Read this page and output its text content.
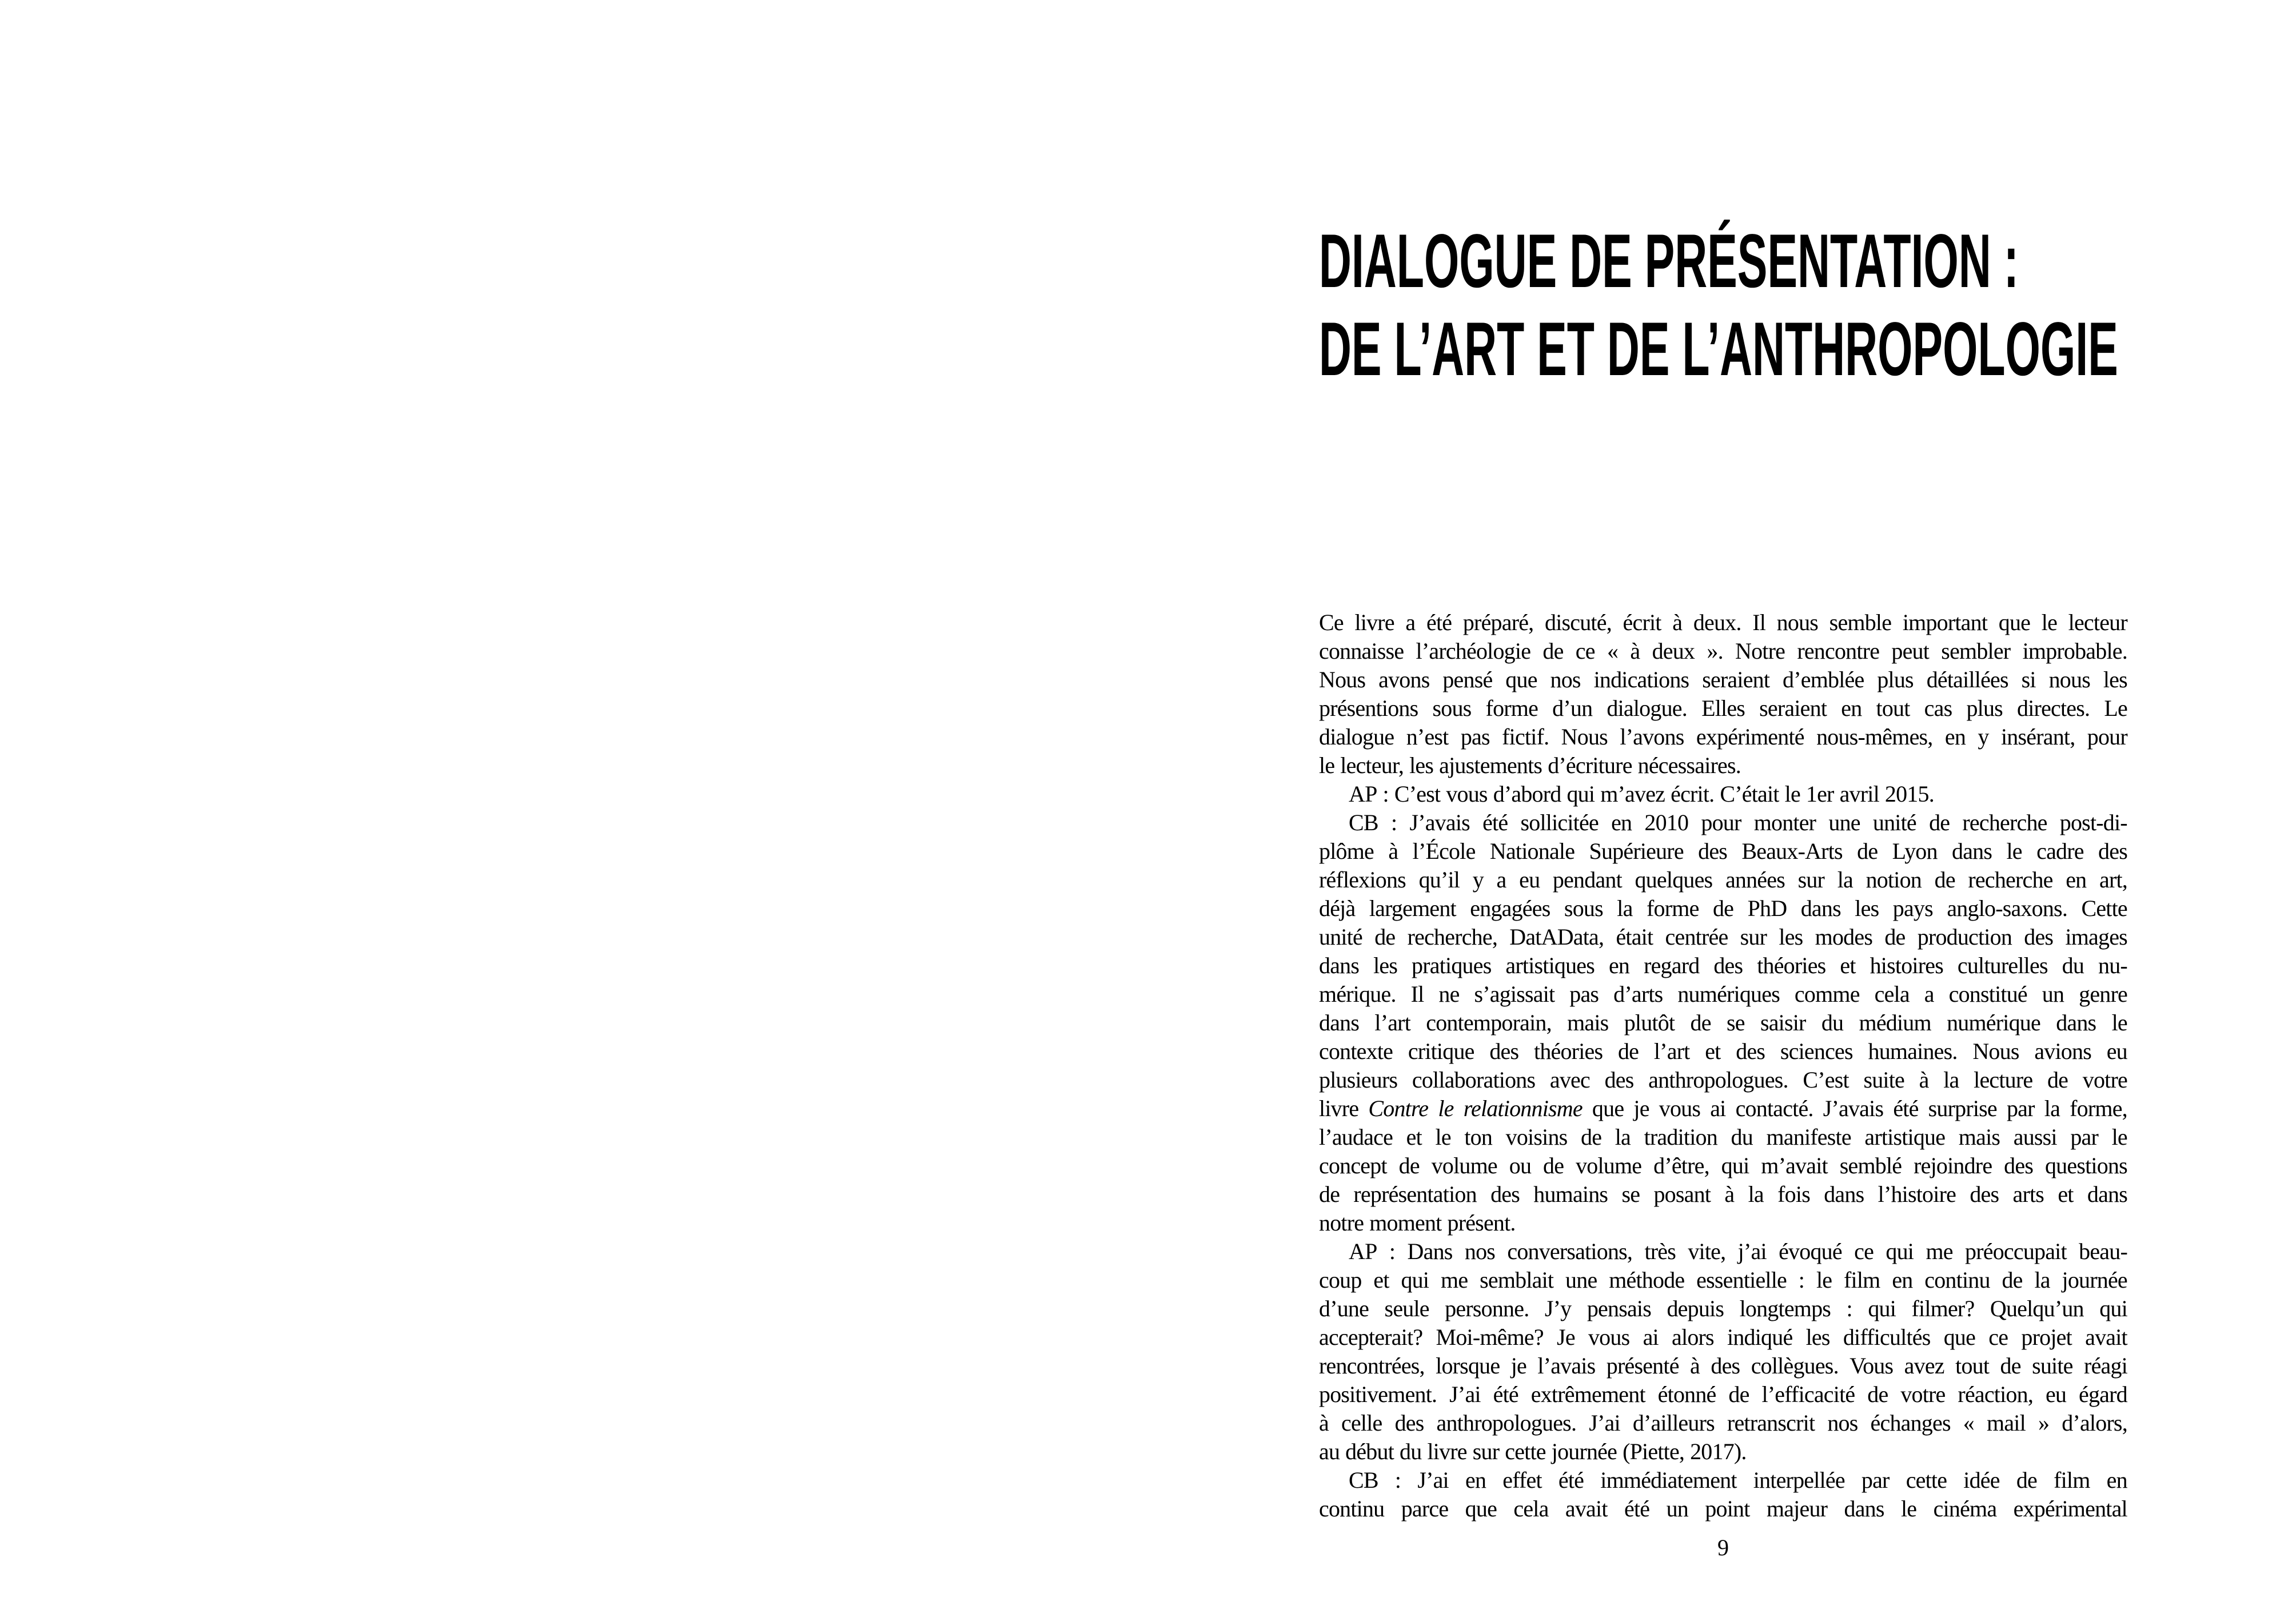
DIALOGUE DE PRÉSENTATION :
DE L’ART ET DE L’ANTHROPOLOGIE
Ce livre a été préparé, discuté, écrit à deux. Il nous semble important que le lecteur
connaisse l’archéologie de ce « à deux ». Notre rencontre peut sembler improbable.
Nous avons pensé que nos indications seraient d’emblée plus détaillées si nous les
présentions sous forme d’un dialogue. Elles seraient en tout cas plus directes. Le
dialogue n’est pas fictif. Nous l’avons expérimenté nous-mêmes, en y insérant, pour
le lecteur, les ajustements d’écriture nécessaires.
AP : C’est vous d’abord qui m’avez écrit. C’était le 1er avril 2015.
CB : J’avais été sollicitée en 2010 pour monter une unité de recherche post-di-
plôme à l’École Nationale Supérieure des Beaux-Arts de Lyon dans le cadre des
réflexions qu’il y a eu pendant quelques années sur la notion de recherche en art,
déjà largement engagées sous la forme de PhD dans les pays anglo-saxons. Cette
unité de recherche, DatAData, était centrée sur les modes de production des images
dans les pratiques artistiques en regard des théories et histoires culturelles du nu-
mérique. Il ne s’agissait pas d’arts numériques comme cela a constitué un genre
dans l’art contemporain, mais plutôt de se saisir du médium numérique dans le
contexte critique des théories de l’art et des sciences humaines. Nous avions eu
plusieurs collaborations avec des anthropologues. C’est suite à la lecture de votre
livre Contre le relationnisme que je vous ai contacté. J’avais été surprise par la forme,
l’audace et le ton voisins de la tradition du manifeste artistique mais aussi par le
concept de volume ou de volume d’être, qui m’avait semblé rejoindre des questions
de représentation des humains se posant à la fois dans l’histoire des arts et dans
notre moment présent.
AP : Dans nos conversations, très vite, j’ai évoqué ce qui me préoccupait beau-
coup et qui me semblait une méthode essentielle : le film en continu de la journée
d’une seule personne. J’y pensais depuis longtemps : qui filmer? Quelqu’un qui
accepterait? Moi-même? Je vous ai alors indiqué les difficultés que ce projet avait
rencontrées, lorsque je l’avais présenté à des collègues. Vous avez tout de suite réagi
positivement. J’ai été extrêmement étonné de l’efficacité de votre réaction, eu égard
à celle des anthropologues. J’ai d’ailleurs retranscrit nos échanges « mail » d’alors,
au début du livre sur cette journée (Piette, 2017).
CB : J’ai en effet été immédiatement interpellée par cette idée de film en
continu parce que cela avait été un point majeur dans le cinéma expérimental
9
